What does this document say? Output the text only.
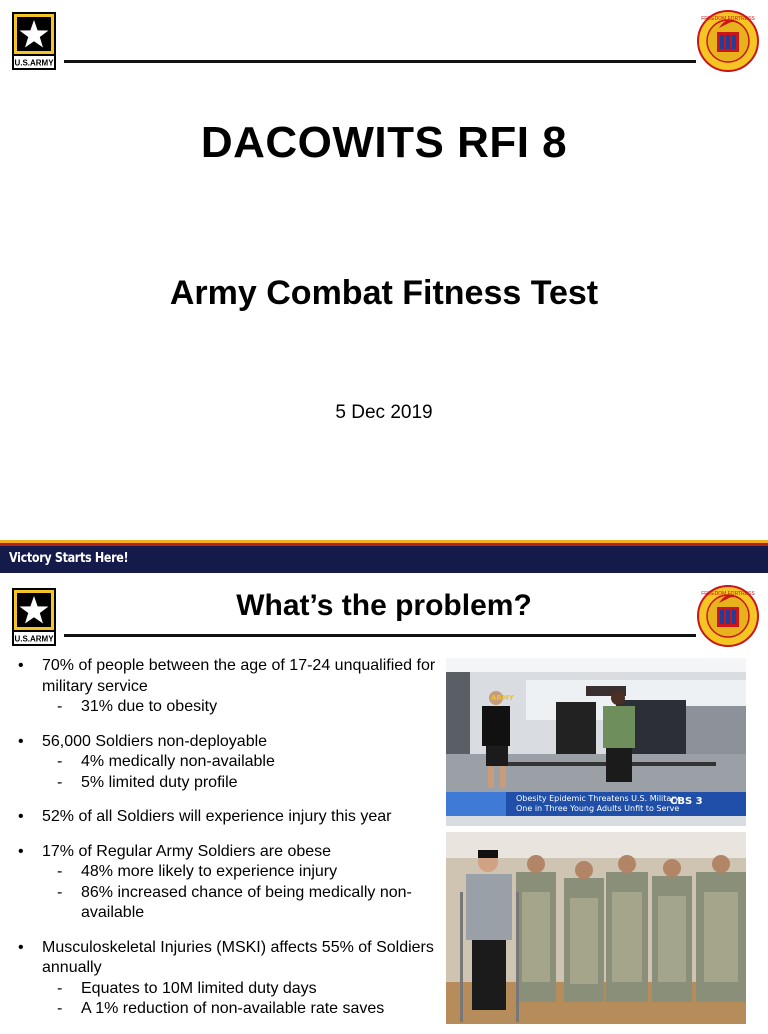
U.S.ARMY
FREEDOM FORTRESS
DACOWITS RFI 8
Army Combat Fitness Test
5 Dec 2019
Victory Starts Here!
U.S.ARMY
FREEDOM FORTRESS
What’s the problem?
• 70% of people between the age of 17-24 unqualified for military service
- 31% due to obesity
• 56,000 Soldiers non-deployable
- 4% medically non-available
- 5% limited duty profile
• 52% of all Soldiers will experience injury this year
• 17% of Regular Army Soldiers are obese
- 48% more likely to experience injury
- 86% increased chance of being medically non-available
• Musculoskeletal Injuries (MSKI) affects 55% of Soldiers annually
- Equates to 10M limited duty days
- A 1% reduction of non-available rate saves
ARMY
Obesity Epidemic Threatens U.S. Military
One in Three Young Adults Unfit to Serve
CBS 3
